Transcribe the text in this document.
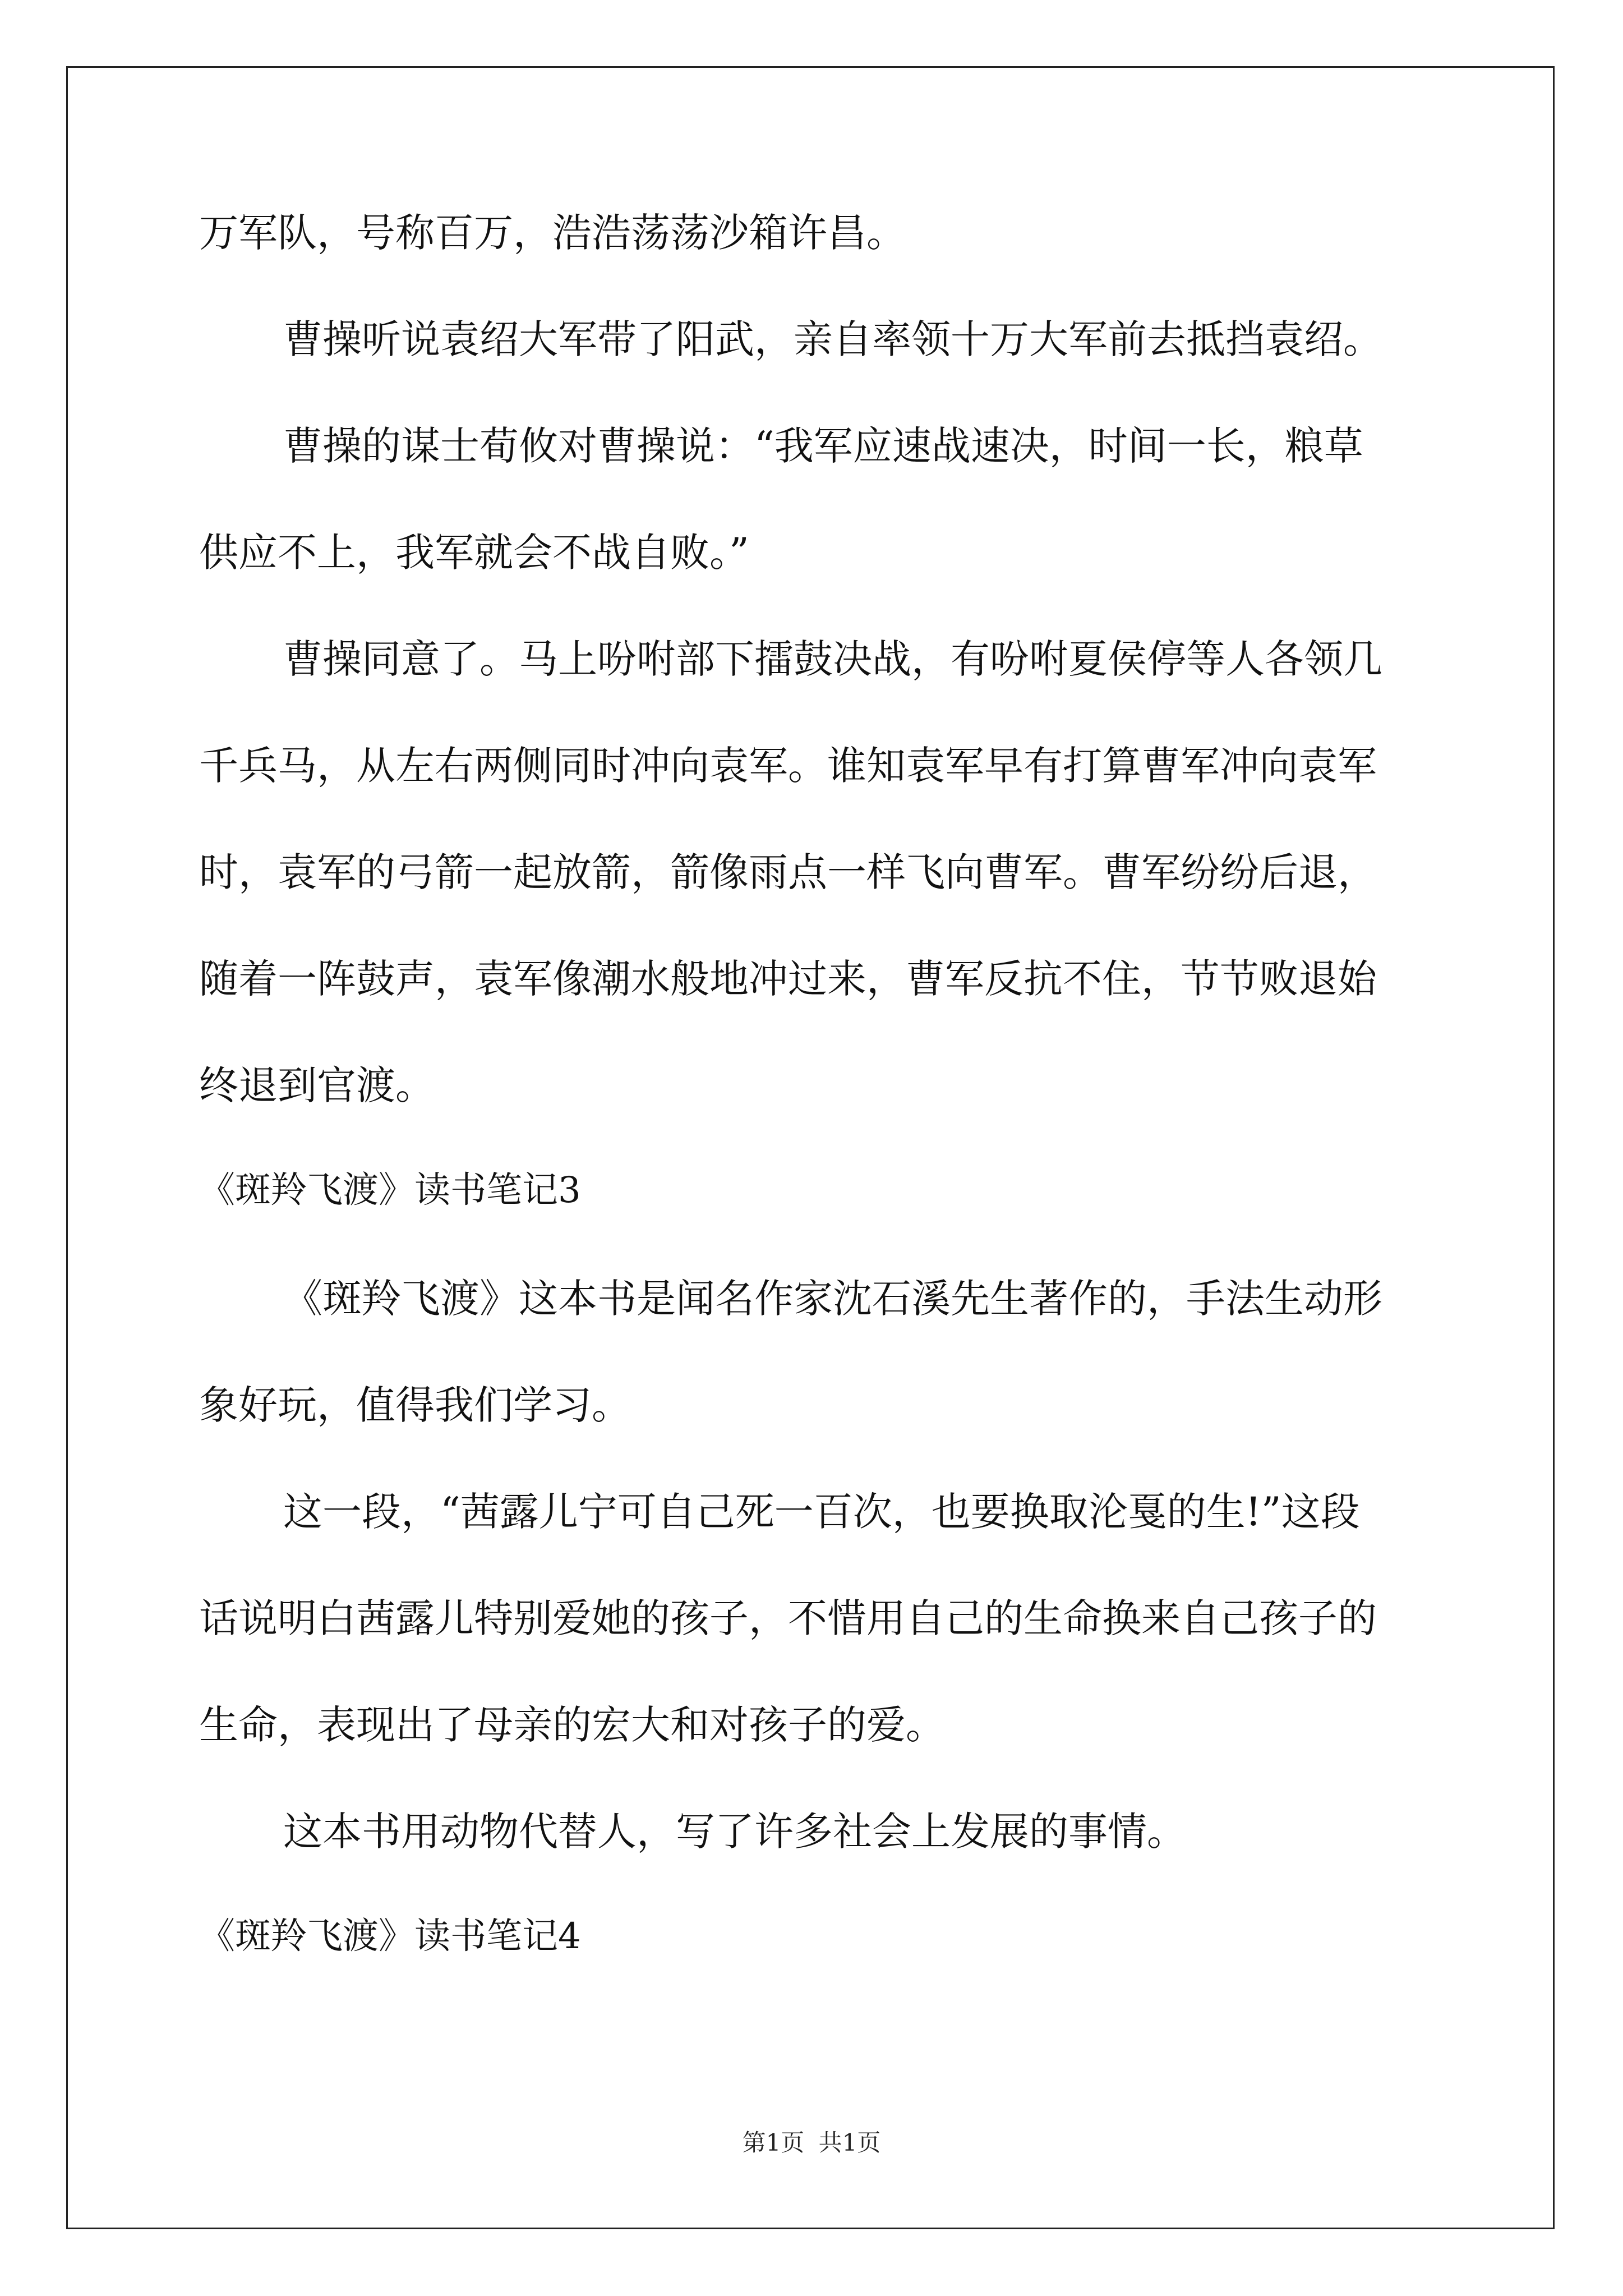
万军队，号称百万，浩浩荡荡沙箱许昌。

曹操听说袁绍大军带了阳武，亲自率领十万大军前去抵挡袁绍。

曹操的谋士荀攸对曹操说：“我军应速战速决，时间一长，粮草

供应不上，我军就会不战自败。”

曹操同意了。马上吩咐部下擂鼓决战，有吩咐夏侯停等人各领几

千兵马，从左右两侧同时冲向袁军。谁知袁军早有打算曹军冲向袁军

时，袁军的弓箭一起放箭，箭像雨点一样飞向曹军。曹军纷纷后退，

随着一阵鼓声，袁军像潮水般地冲过来，曹军反抗不住，节节败退始

终退到官渡。

《斑羚飞渡》读书笔记3

《斑羚飞渡》这本书是闻名作家沈石溪先生著作的，手法生动形

象好玩，值得我们学习。

这一段，“茜露儿宁可自己死一百次，也要换取沦戛的生!”这段

话说明白茜露儿特别爱她的孩子，不惜用自己的生命换来自己孩子的

生命，表现出了母亲的宏大和对孩子的爱。

这本书用动物代替人，写了许多社会上发展的事情。

《斑羚飞渡》读书笔记4

第1页 共1页
